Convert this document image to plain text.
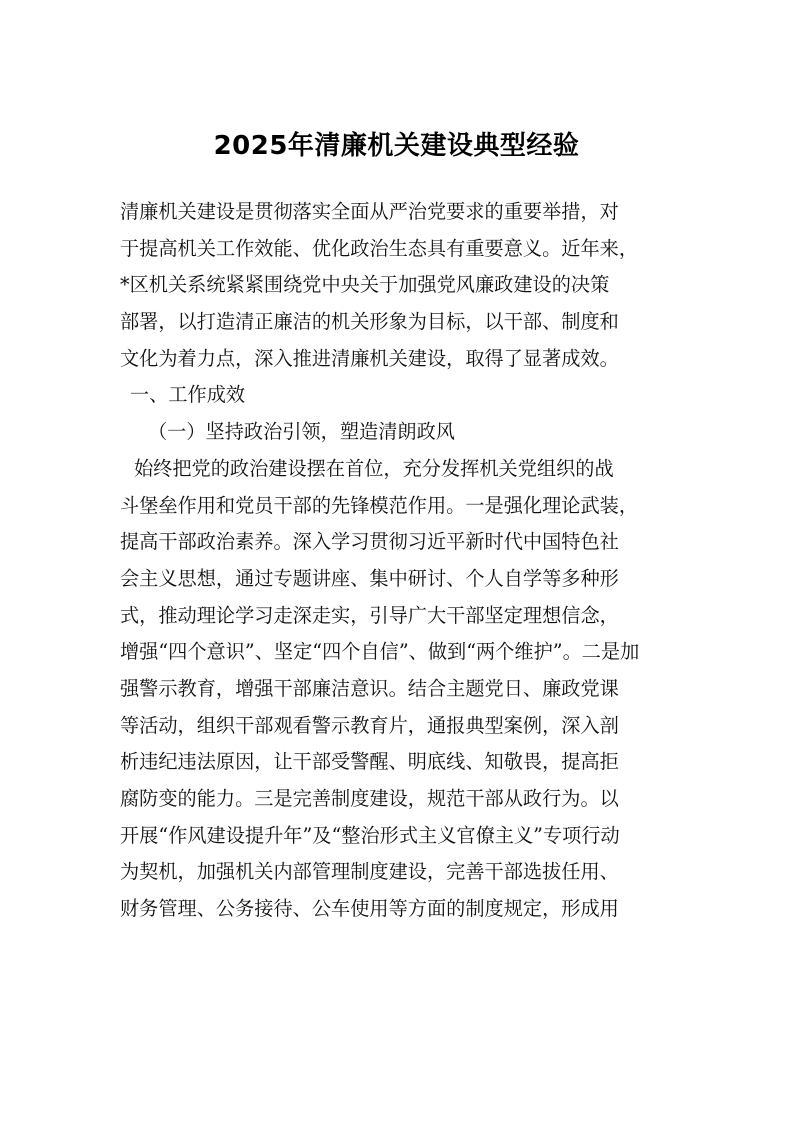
2025年清廉机关建设典型经验

清廉机关建设是贯彻落实全面从严治党要求的重要举措，对

于提高机关工作效能、优化政治生态具有重要意义。近年来，

*区机关系统紧紧围绕党中央关于加强党风廉政建设的决策

部署，以打造清正廉洁的机关形象为目标，以干部、制度和

文化为着力点，深入推进清廉机关建设，取得了显著成效。

一、工作成效

（一）坚持政治引领，塑造清朗政风

始终把党的政治建设摆在首位，充分发挥机关党组织的战

斗堡垒作用和党员干部的先锋模范作用。一是强化理论武装，

提高干部政治素养。深入学习贯彻习近平新时代中国特色社

会主义思想，通过专题讲座、集中研讨、个人自学等多种形

式，推动理论学习走深走实，引导广大干部坚定理想信念，

增强“四个意识”、坚定“四个自信”、做到“两个维护”。二是加

强警示教育，增强干部廉洁意识。结合主题党日、廉政党课

等活动，组织干部观看警示教育片，通报典型案例，深入剖

析违纪违法原因，让干部受警醒、明底线、知敬畏，提高拒

腐防变的能力。三是完善制度建设，规范干部从政行为。以

开展“作风建设提升年”及“整治形式主义官僚主义”专项行动

为契机，加强机关内部管理制度建设，完善干部选拔任用、

财务管理、公务接待、公车使用等方面的制度规定，形成用
